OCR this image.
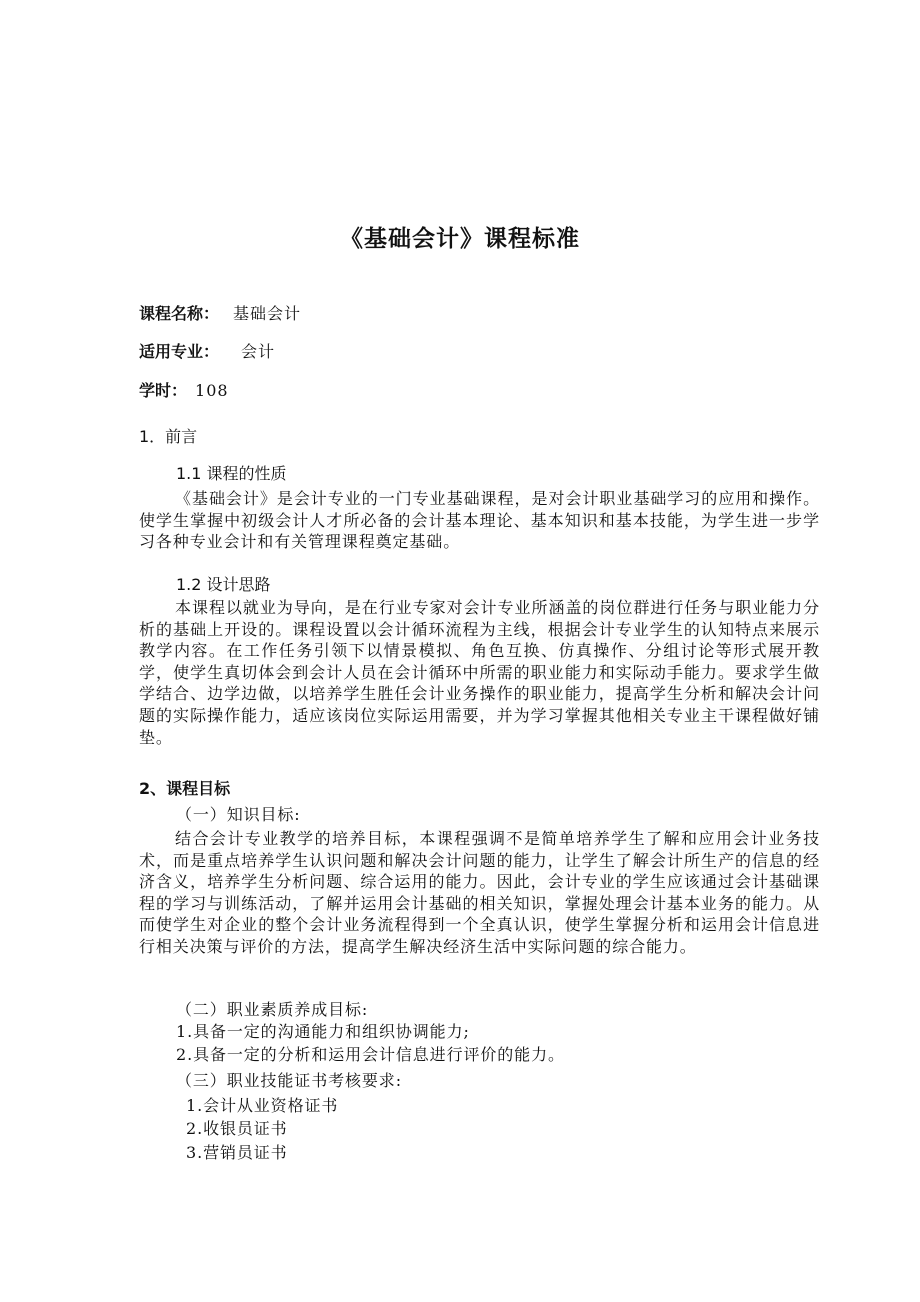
《基础会计》课程标准
课程名称： 基础会计
适用专业： 会计
学时： 108
1．前言
1.1 课程的性质
《基础会计》是会计专业的一门专业基础课程，是对会计职业基础学习的应用和操作。使学生掌握中初级会计人才所必备的会计基本理论、基本知识和基本技能，为学生进一步学习各种专业会计和有关管理课程奠定基础。
1.2 设计思路
本课程以就业为导向，是在行业专家对会计专业所涵盖的岗位群进行任务与职业能力分析的基础上开设的。课程设置以会计循环流程为主线，根据会计专业学生的认知特点来展示教学内容。在工作任务引领下以情景模拟、角色互换、仿真操作、分组讨论等形式展开教学，使学生真切体会到会计人员在会计循环中所需的职业能力和实际动手能力。要求学生做学结合、边学边做，以培养学生胜任会计业务操作的职业能力，提高学生分析和解决会计问题的实际操作能力，适应该岗位实际运用需要，并为学习掌握其他相关专业主干课程做好铺垫。
2、课程目标
（一）知识目标:
结合会计专业教学的培养目标，本课程强调不是简单培养学生了解和应用会计业务技术，而是重点培养学生认识问题和解决会计问题的能力，让学生了解会计所生产的信息的经济含义，培养学生分析问题、综合运用的能力。因此，会计专业的学生应该通过会计基础课程的学习与训练活动，了解并运用会计基础的相关知识，掌握处理会计基本业务的能力。从而使学生对企业的整个会计业务流程得到一个全真认识，使学生掌握分析和运用会计信息进行相关决策与评价的方法，提高学生解决经济生活中实际问题的综合能力。
（二）职业素质养成目标:
1.具备一定的沟通能力和组织协调能力;
2.具备一定的分析和运用会计信息进行评价的能力。
（三）职业技能证书考核要求:
1.会计从业资格证书
2.收银员证书
3.营销员证书
